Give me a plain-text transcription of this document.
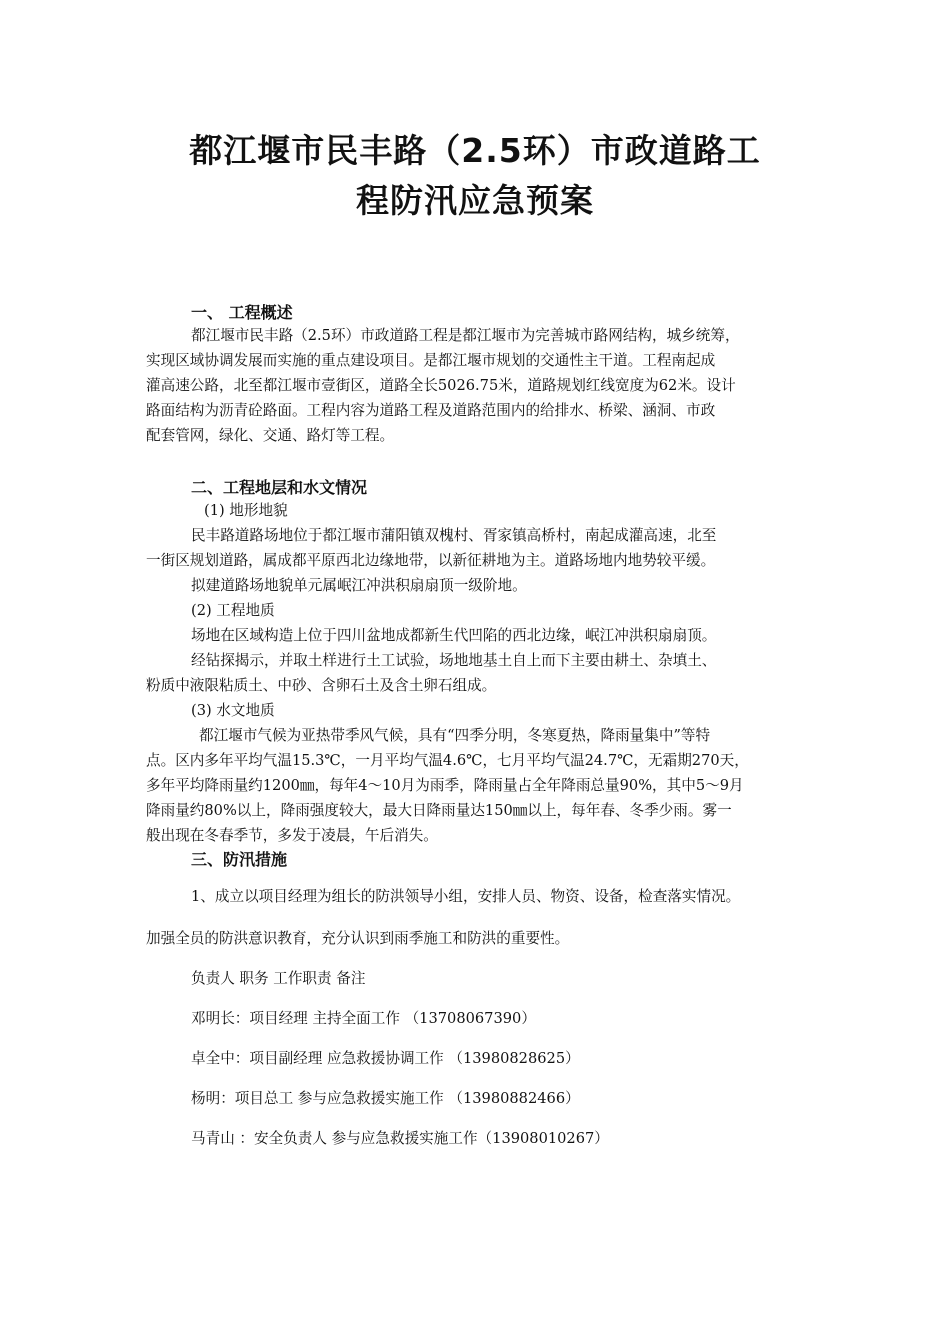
都江堰市民丰路（2.5环）市政道路工
程防汛应急预案
一、 工程概述
都江堰市民丰路（2.5环）市政道路工程是都江堰市为完善城市路网结构，城乡统筹，
实现区域协调发展而实施的重点建设项目。是都江堰市规划的交通性主干道。工程南起成
灌高速公路，北至都江堰市壹街区，道路全长5026.75米，道路规划红线宽度为62米。设计
路面结构为沥青砼路面。工程内容为道路工程及道路范围内的给排水、桥梁、涵洞、市政
配套管网，绿化、交通、路灯等工程。
二、工程地层和水文情况
(1) 地形地貌
民丰路道路场地位于都江堰市蒲阳镇双槐村、胥家镇高桥村，南起成灌高速，北至
一街区规划道路，属成都平原西北边缘地带，以新征耕地为主。道路场地内地势较平缓。
拟建道路场地貌单元属岷江冲洪积扇扇顶一级阶地。
(2) 工程地质
场地在区域构造上位于四川盆地成都新生代凹陷的西北边缘，岷江冲洪积扇扇顶。
经钻探揭示，并取土样进行土工试验，场地地基土自上而下主要由耕土、杂填土、
粉质中液限粘质土、中砂、含卵石土及含土卵石组成。
(3) 水文地质
都江堰市气候为亚热带季风气候，具有“四季分明，冬寒夏热，降雨量集中”等特
点。区内多年平均气温15.3℃，一月平均气温4.6℃，七月平均气温24.7℃，无霜期270天，
多年平均降雨量约1200㎜，每年4～10月为雨季，降雨量占全年降雨总量90%，其中5～9月
降雨量约80%以上，降雨强度较大，最大日降雨量达150㎜以上，每年春、冬季少雨。雾一
般出现在冬春季节，多发于凌晨，午后消失。
三、防汛措施
1、成立以项目经理为组长的防洪领导小组，安排人员、物资、设备，检查落实情况。
加强全员的防洪意识教育，充分认识到雨季施工和防洪的重要性。
负责人 职务 工作职责 备注
邓明长：项目经理 主持全面工作 （13708067390）
卓全中：项目副经理 应急救援协调工作 （13980828625）
杨明：项目总工 参与应急救援实施工作 （13980882466）
马青山 ：安全负责人 参与应急救援实施工作（13908010267）
